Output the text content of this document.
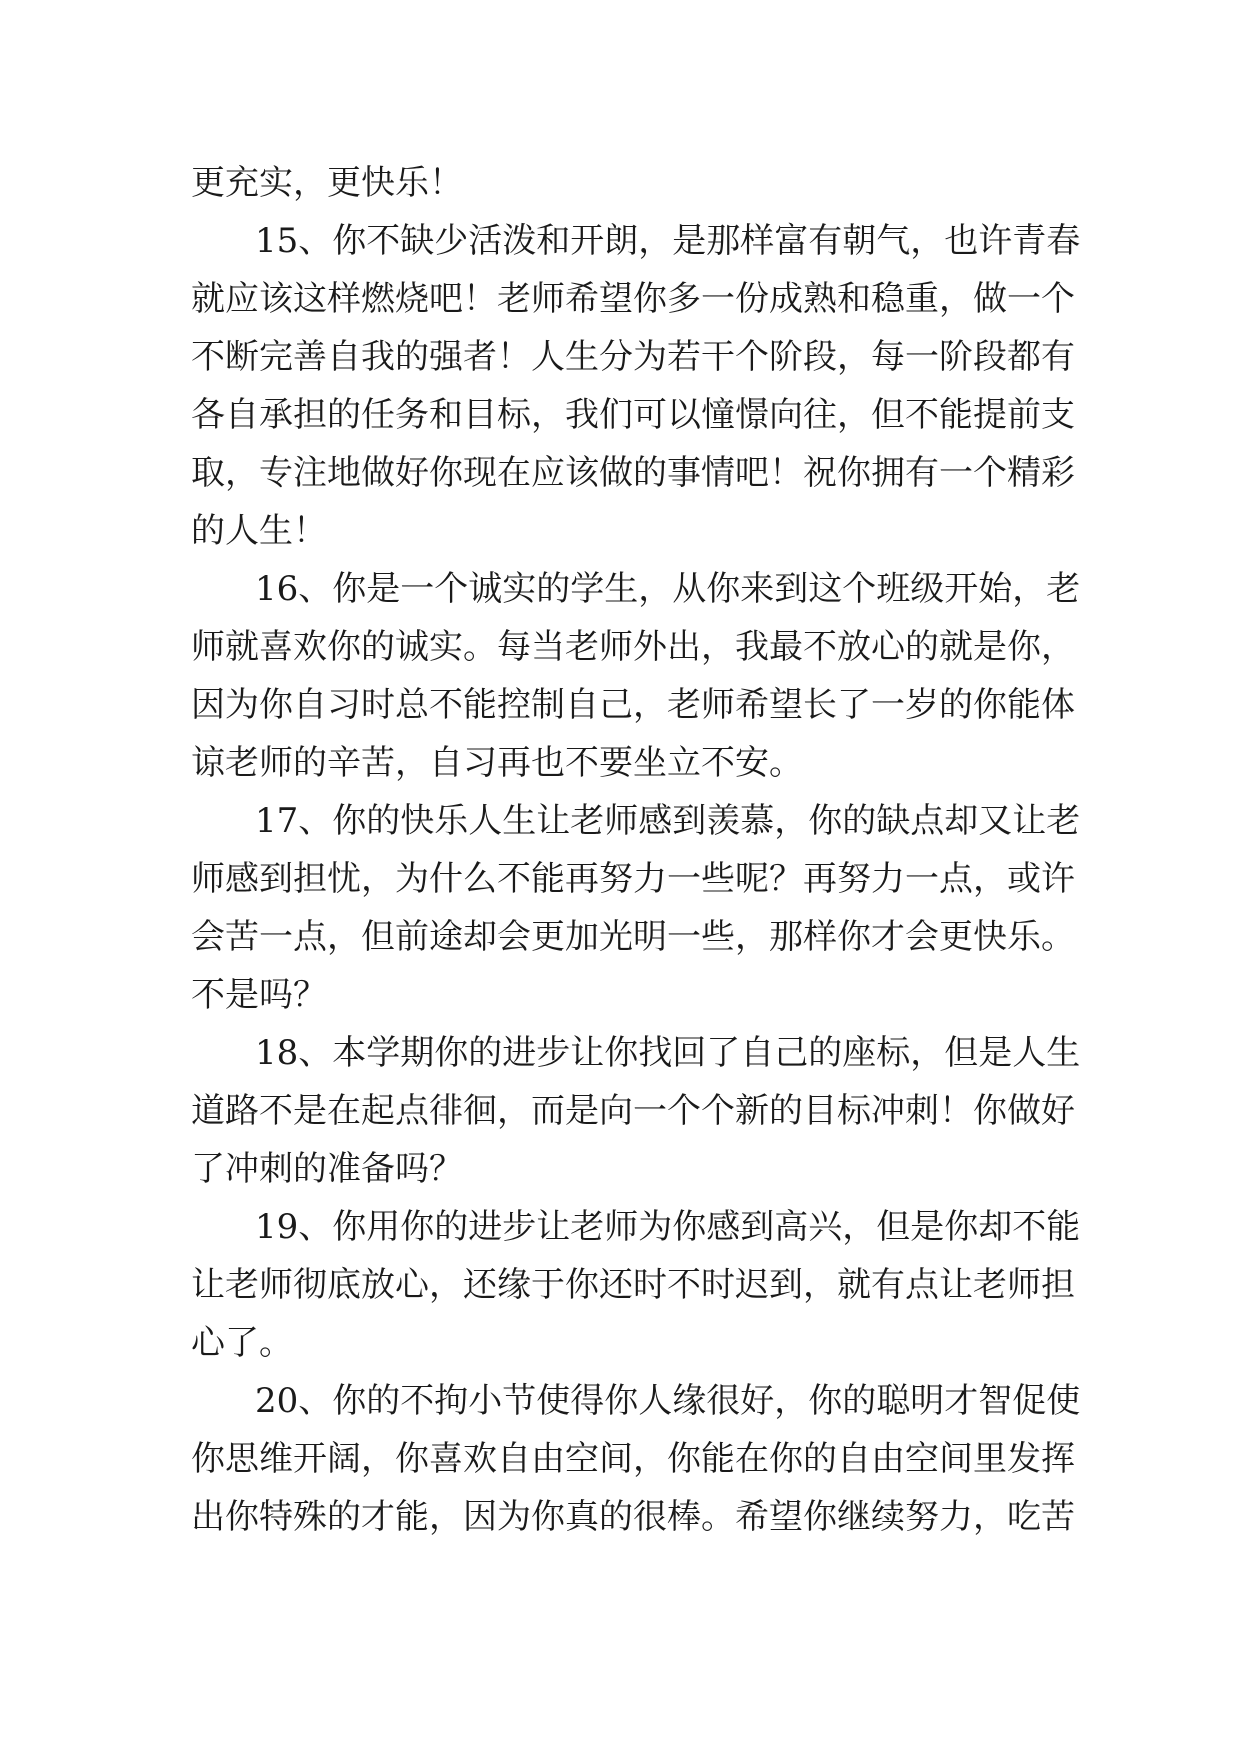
更充实，更快乐！
15、你不缺少活泼和开朗，是那样富有朝气，也许青春
就应该这样燃烧吧！老师希望你多一份成熟和稳重，做一个
不断完善自我的强者！人生分为若干个阶段，每一阶段都有
各自承担的任务和目标，我们可以憧憬向往，但不能提前支
取，专注地做好你现在应该做的事情吧！祝你拥有一个精彩
的人生！
16、你是一个诚实的学生，从你来到这个班级开始，老
师就喜欢你的诚实。每当老师外出，我最不放心的就是你，
因为你自习时总不能控制自己，老师希望长了一岁的你能体
谅老师的辛苦，自习再也不要坐立不安。
17、你的快乐人生让老师感到羡慕，你的缺点却又让老
师感到担忧，为什么不能再努力一些呢？再努力一点，或许
会苦一点，但前途却会更加光明一些，那样你才会更快乐。
不是吗？
18、本学期你的进步让你找回了自己的座标，但是人生
道路不是在起点徘徊，而是向一个个新的目标冲刺！你做好
了冲刺的准备吗？
19、你用你的进步让老师为你感到高兴，但是你却不能
让老师彻底放心，还缘于你还时不时迟到，就有点让老师担
心了。
20、你的不拘小节使得你人缘很好，你的聪明才智促使
你思维开阔，你喜欢自由空间，你能在你的自由空间里发挥
出你特殊的才能，因为你真的很棒。希望你继续努力，吃苦
